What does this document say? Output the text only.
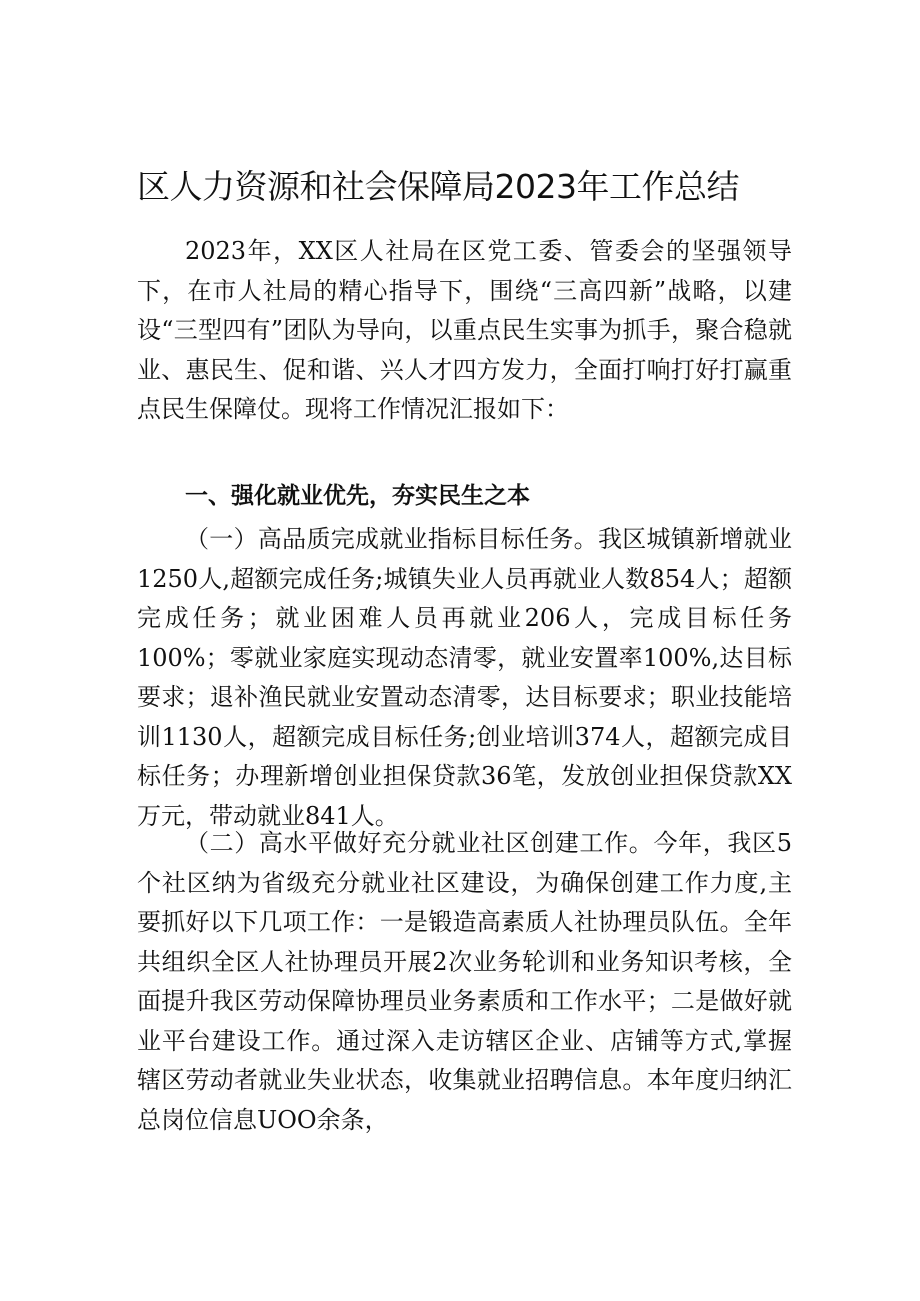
区人力资源和社会保障局2023年工作总结

2023年，XX区人社局在区党工委、管委会的坚强领导下，在市人社局的精心指导下，围绕“三高四新”战略，以建设“三型四有”团队为导向，以重点民生实事为抓手，聚合稳就业、惠民生、促和谐、兴人才四方发力，全面打响打好打赢重点民生保障仗。现将工作情况汇报如下：

一、强化就业优先，夯实民生之本

（一）高品质完成就业指标目标任务。我区城镇新增就业1250人,超额完成任务;城镇失业人员再就业人数854人；超额完成任务；就业困难人员再就业206人，完成目标任务100%；零就业家庭实现动态清零，就业安置率100%,达目标要求；退补渔民就业安置动态清零，达目标要求；职业技能培训1130人，超额完成目标任务;创业培训374人，超额完成目标任务；办理新增创业担保贷款36笔，发放创业担保贷款XX万元，带动就业841人。

（二）高水平做好充分就业社区创建工作。今年，我区5个社区纳为省级充分就业社区建设，为确保创建工作力度,主要抓好以下几项工作：一是锻造高素质人社协理员队伍。全年共组织全区人社协理员开展2次业务轮训和业务知识考核，全面提升我区劳动保障协理员业务素质和工作水平；二是做好就业平台建设工作。通过深入走访辖区企业、店铺等方式,掌握辖区劳动者就业失业状态，收集就业招聘信息。本年度归纳汇总岗位信息UOO余条，
